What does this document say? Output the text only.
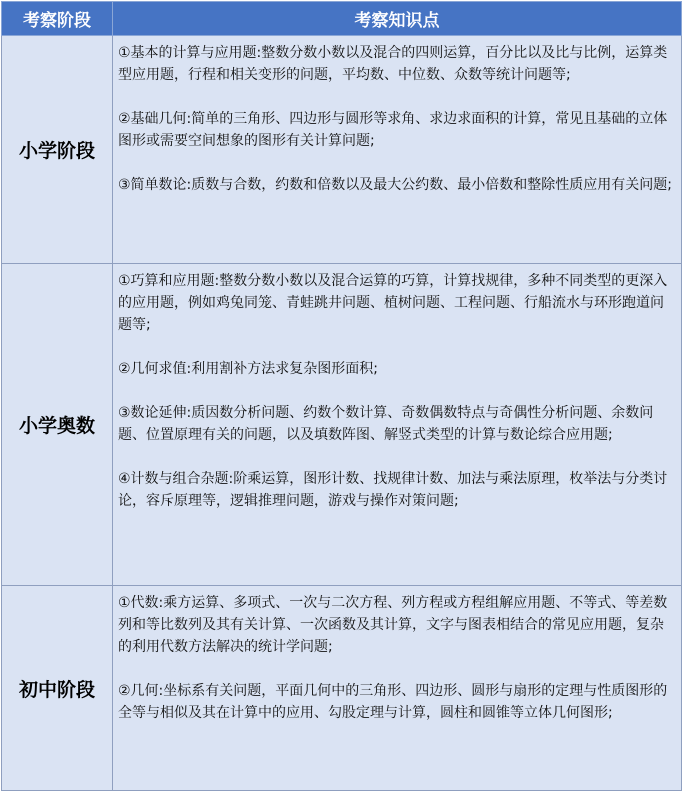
考察阶段	考察知识点
小学阶段	①基本的计算与应用题:整数分数小数以及混合的四则运算，百分比以及比与比例，运算类型应用题，行程和相关变形的问题，平均数、中位数、众数等统计问题等;

②基础几何:简单的三角形、四边形与圆形等求角、求边求面积的计算，常见且基础的立体图形或需要空间想象的图形有关计算问题;

③简单数论:质数与合数，约数和倍数以及最大公约数、最小倍数和整除性质应用有关问题;

小学奥数	①巧算和应用题:整数分数小数以及混合运算的巧算，计算找规律，多种不同类型的更深入的应用题，例如鸡兔同笼、青蛙跳井问题、植树问题、工程问题、行船流水与环形跑道问题等;

②几何求值:利用割补方法求复杂图形面积;

③数论延伸:质因数分析问题、约数个数计算、奇数偶数特点与奇偶性分析问题、余数问题、位置原理有关的问题，以及填数阵图、解竖式类型的计算与数论综合应用题;

④计数与组合杂题:阶乘运算，图形计数、找规律计数、加法与乘法原理，枚举法与分类讨论，容斥原理等，逻辑推理问题，游戏与操作对策问题;

初中阶段	①代数:乘方运算、多项式、一次与二次方程、列方程或方程组解应用题、不等式、等差数列和等比数列及其有关计算、一次函数及其计算，文字与图表相结合的常见应用题，复杂的利用代数方法解决的统计学问题;

②几何:坐标系有关问题，平面几何中的三角形、四边形、圆形与扇形的定理与性质图形的全等与相似及其在计算中的应用、勾股定理与计算，圆柱和圆锥等立体几何图形;
